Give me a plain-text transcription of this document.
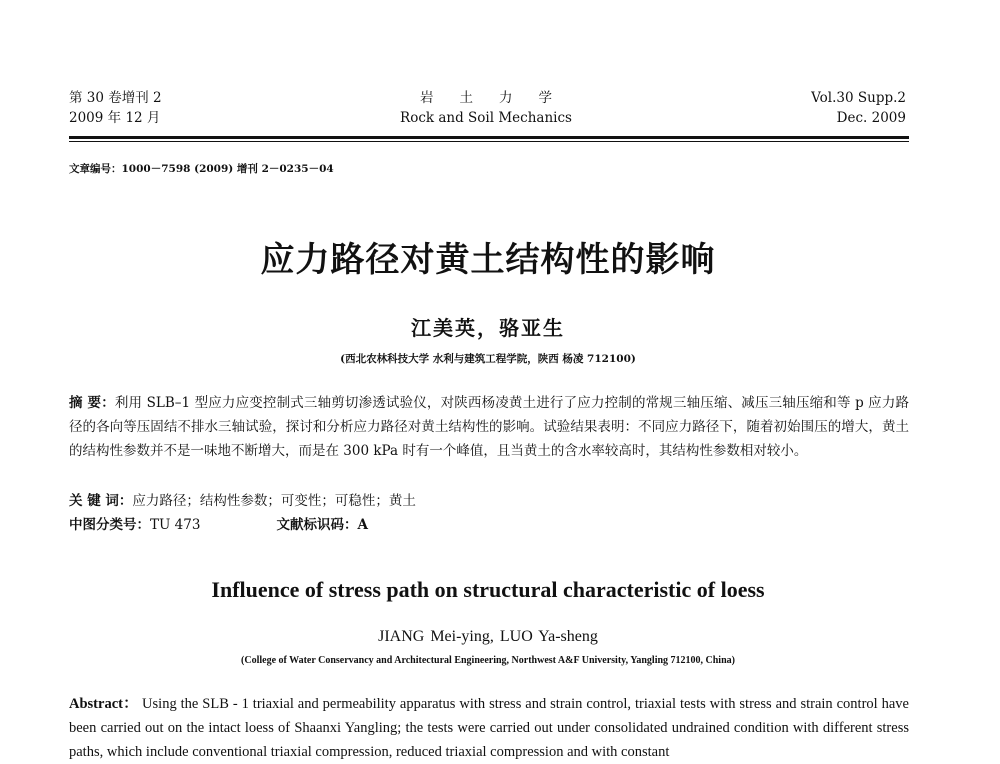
第 30 卷增刊 2
2009 年 12 月
岩土力学
Rock and Soil Mechanics
Vol.30 Supp.2
Dec. 2009
文章编号：1000－7598 (2009) 增刊 2－0235－04
应力路径对黄土结构性的影响
江美英，骆亚生
(西北农林科技大学 水利与建筑工程学院，陕西 杨凌 712100)
摘 要：利用 SLB–1 型应力应变控制式三轴剪切渗透试验仪，对陕西杨凌黄土进行了应力控制的常规三轴压缩、减压三轴压缩和等 p 应力路径的各向等压固结不排水三轴试验，探讨和分析应力路径对黄土结构性的影响。试验结果表明：不同应力路径下，随着初始围压的增大，黄土的结构性参数并不是一味地不断增大，而是在 300 kPa 时有一个峰值，且当黄土的含水率较高时，其结构性参数相对较小。
关 键 词：应力路径；结构性参数；可变性；可稳性；黄土
中图分类号：TU 473	文献标识码：A
Influence of stress path on structural characteristic of loess
JIANG Mei-ying, LUO Ya-sheng
(College of Water Conservancy and Architectural Engineering, Northwest A&F University, Yangling 712100, China)
Abstract： Using the SLB - 1 triaxial and permeability apparatus with stress and strain control, triaxial tests with stress and strain control have been carried out on the intact loess of Shaanxi Yangling; the tests were carried out under consolidated undrained condition with different stress paths, which include conventional triaxial compression, reduced triaxial compression and with constant
